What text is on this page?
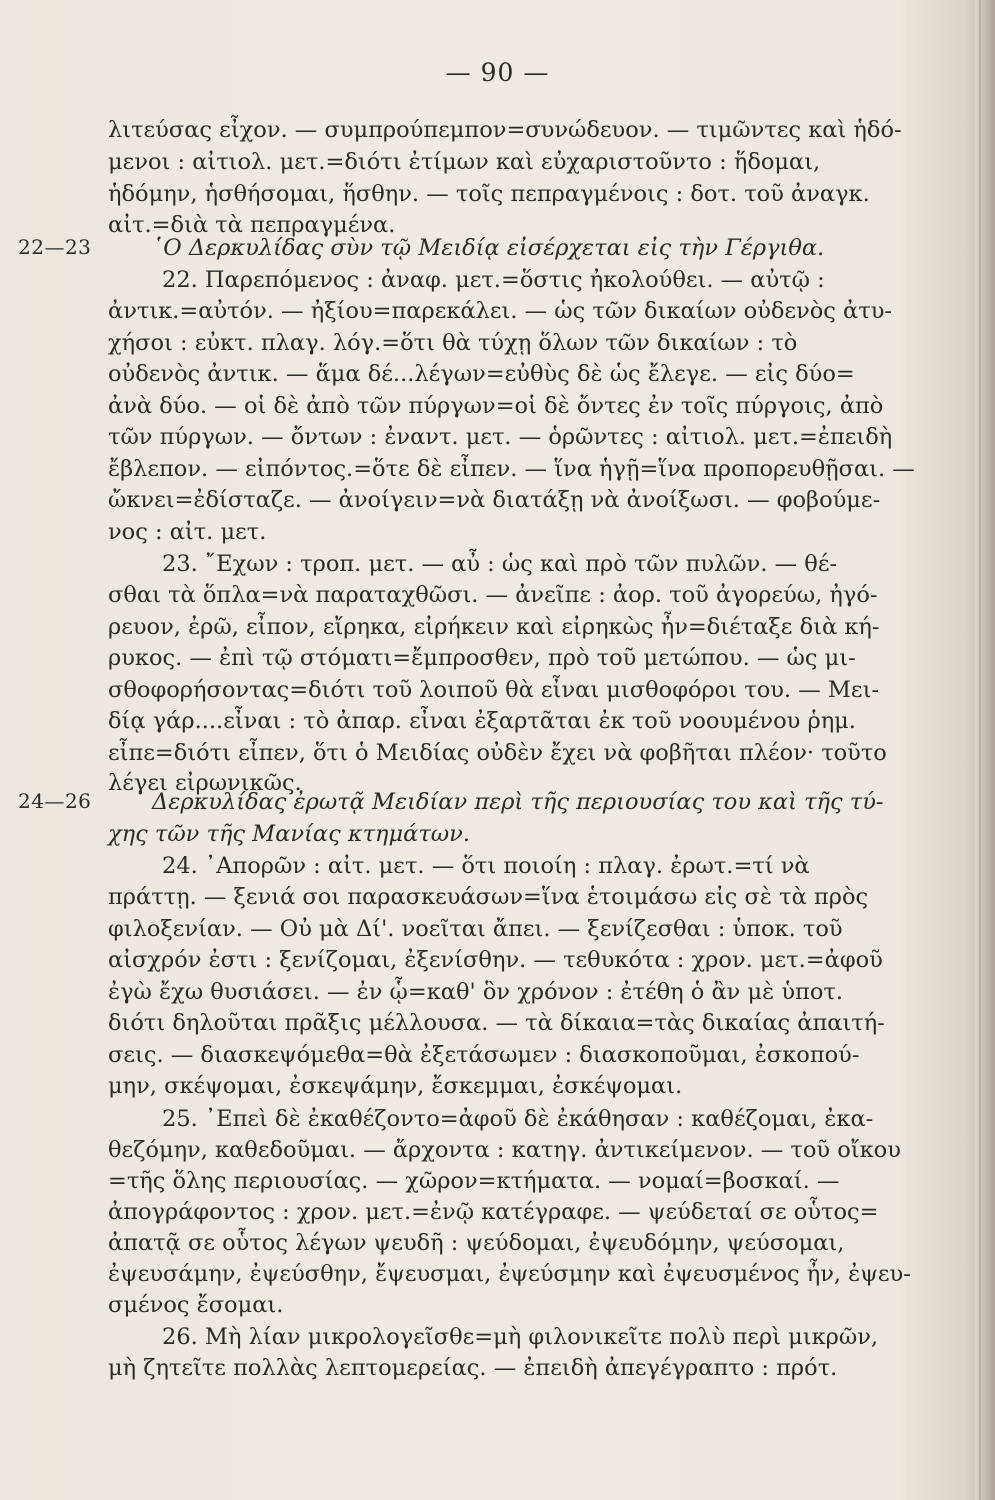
— 90 —
22—23
24—26
λιτεύσας εἶχον. — συμπρούπεμπον=συνώδευον. — τιμῶντες καὶ ἡδό-
μενοι : αἰτιολ. μετ.=διότι ἐτίμων καὶ εὐχαριστοῦντο : ἥδομαι,
ἡδόμην, ἡσθήσομαι, ἥσθην. — τοῖς πεπραγμένοις : δοτ. τοῦ ἀναγκ.
αἰτ.=διὰ τὰ πεπραγμένα.
῾Ο Δερκυλίδας σὺν τῷ Μειδίᾳ εἰσέρχεται εἰς τὴν Γέργιθα.
22. Παρεπόμενος : ἀναφ. μετ.=ὅστις ἠκολούθει. — αὐτῷ :
ἀντικ.=αὐτόν. — ἠξίου=παρεκάλει. — ὡς τῶν δικαίων οὐδενὸς ἀτυ-
χήσοι : εὐκτ. πλαγ. λόγ.=ὅτι θὰ τύχῃ ὅλων τῶν δικαίων : τὸ
οὐδενὸς ἀντικ. — ἅμα δέ...λέγων=εὐθὺς δὲ ὡς ἔλεγε. — εἰς δύο=
ἀνὰ δύο. — οἱ δὲ ἀπὸ τῶν πύργων=οἱ δὲ ὄντες ἐν τοῖς πύργοις, ἀπὸ
τῶν πύργων. — ὄντων : ἐναντ. μετ. — ὁρῶντες : αἰτιολ. μετ.=ἐπειδὴ
ἔβλεπον. — εἰπόντος.=ὅτε δὲ εἶπεν. — ἵνα ἡγῇ=ἵνα προπορευθῇσαι. —
ὤκνει=ἐδίσταζε. — ἀνοίγειν=νὰ διατάξῃ νὰ ἀνοίξωσι. — φοβούμε-
νος : αἰτ. μετ.
23. ῎Εχων : τροπ. μετ. — αὖ : ὡς καὶ πρὸ τῶν πυλῶν. — θέ-
σθαι τὰ ὅπλα=νὰ παραταχθῶσι. — ἀνεῖπε : ἀορ. τοῦ ἀγορεύω, ἠγό-
ρευον, ἐρῶ, εἶπον, εἴρηκα, εἰρήκειν καὶ εἰρηκὼς ἦν=διέταξε διὰ κή-
ρυκος. — ἐπὶ τῷ στόματι=ἔμπροσθεν, πρὸ τοῦ μετώπου. — ὡς μι-
σθοφορήσοντας=διότι τοῦ λοιποῦ θὰ εἶναι μισθοφόροι του. — Μει-
δίᾳ γάρ....εἶναι : τὸ ἀπαρ. εἶναι ἐξαρτᾶται ἐκ τοῦ νοουμένου ῥημ.
εἶπε=διότι εἶπεν, ὅτι ὁ Μειδίας οὐδὲν ἔχει νὰ φοβῆται πλέον· τοῦτο
λέγει εἰρωνικῶς.
Δερκυλίδας ἐρωτᾷ Μειδίαν περὶ τῆς περιουσίας του καὶ τῆς τύ-
χης τῶν τῆς Μανίας κτημάτων.
24. ᾿Απορῶν : αἰτ. μετ. — ὅτι ποιοίη : πλαγ. ἐρωτ.=τί νὰ
πράττῃ. — ξενιά σοι παρασκευάσων=ἵνα ἑτοιμάσω εἰς σὲ τὰ πρὸς
φιλοξενίαν. — Οὐ μὰ Δί'. νοεῖται ἄπει. — ξενίζεσθαι : ὑποκ. τοῦ
αἰσχρόν ἐστι : ξενίζομαι, ἐξενίσθην. — τεθυκότα : χρον. μετ.=ἀφοῦ
ἐγὼ ἔχω θυσιάσει. — ἐν ᾧ=καθ' ὃν χρόνον : ἐτέθη ὁ ἂν μὲ ὑποτ.
διότι δηλοῦται πρᾶξις μέλλουσα. — τὰ δίκαια=τὰς δικαίας ἀπαιτή-
σεις. — διασκεψόμεθα=θὰ ἐξετάσωμεν : διασκοποῦμαι, ἐσκοπού-
μην, σκέψομαι, ἐσκεψάμην, ἔσκεμμαι, ἐσκέψομαι.
25. ᾿Επεὶ δὲ ἐκαθέζοντο=ἀφοῦ δὲ ἐκάθησαν : καθέζομαι, ἐκα-
θεζόμην, καθεδοῦμαι. — ἄρχοντα : κατηγ. ἀντικείμενον. — τοῦ οἴκου
=τῆς ὅλης περιουσίας. — χῶρον=κτήματα. — νομαί=βοσκαί. —
ἀπογράφοντος : χρον. μετ.=ἐνῷ κατέγραφε. — ψεύδεταί σε οὗτος=
ἀπατᾷ σε οὗτος λέγων ψευδῆ : ψεύδομαι, ἐψευδόμην, ψεύσομαι,
ἐψευσάμην, ἐψεύσθην, ἔψευσμαι, ἐψεύσμην καὶ ἐψευσμένος ἦν, ἐψευ-
σμένος ἔσομαι.
26. Μὴ λίαν μικρολογεῖσθε=μὴ φιλονικεῖτε πολὺ περὶ μικρῶν,
μὴ ζητεῖτε πολλὰς λεπτομερείας. — ἐπειδὴ ἀπεγέγραπτο : πρότ.
